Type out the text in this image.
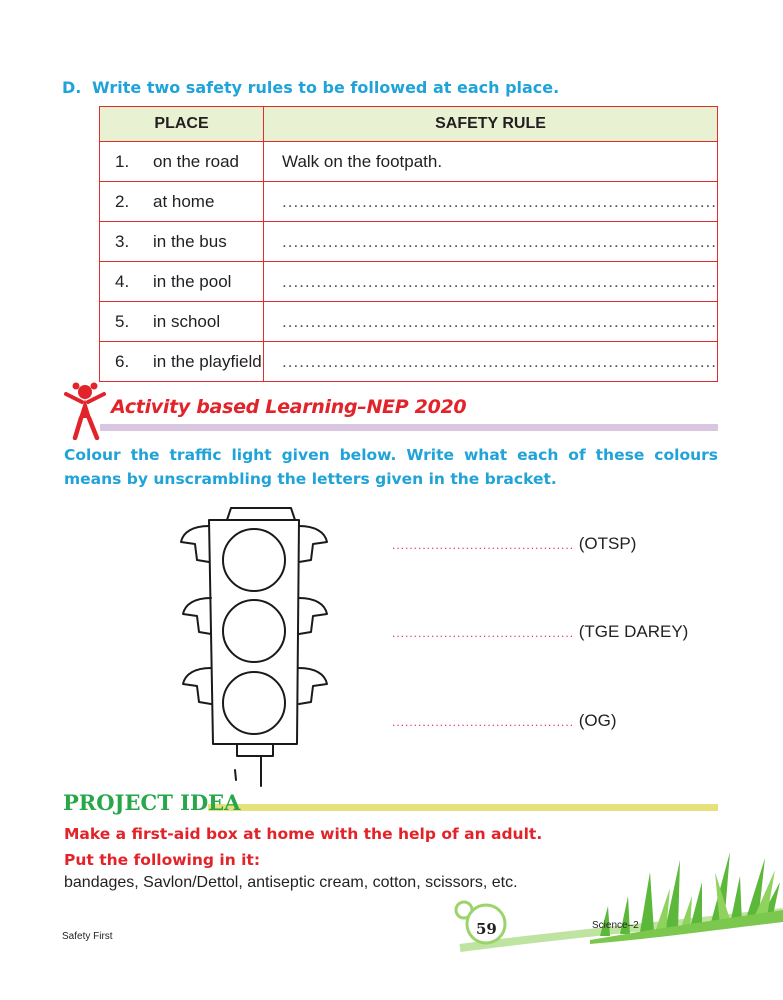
D. Write two safety rules to be followed at each place.
PLACE	SAFETY RULE
1. on the road	Walk on the footpath.
2. at home	............................................................................
3. in the bus	............................................................................
4. in the pool	............................................................................
5. in school	............................................................................
6. in the playfield	............................................................................
Activity based Learning–NEP 2020
Colour the traffic light given below. Write what each of these colours means by unscrambling the letters given in the bracket.
.......................................... (OTSP)
.......................................... (TGE DAREY)
.......................................... (OG)
PROJECT IDEA
Make a first-aid box at home with the help of an adult.
Put the following in it:
bandages, Savlon/Dettol, antiseptic cream, cotton, scissors, etc.
59
Safety First
Science–2
